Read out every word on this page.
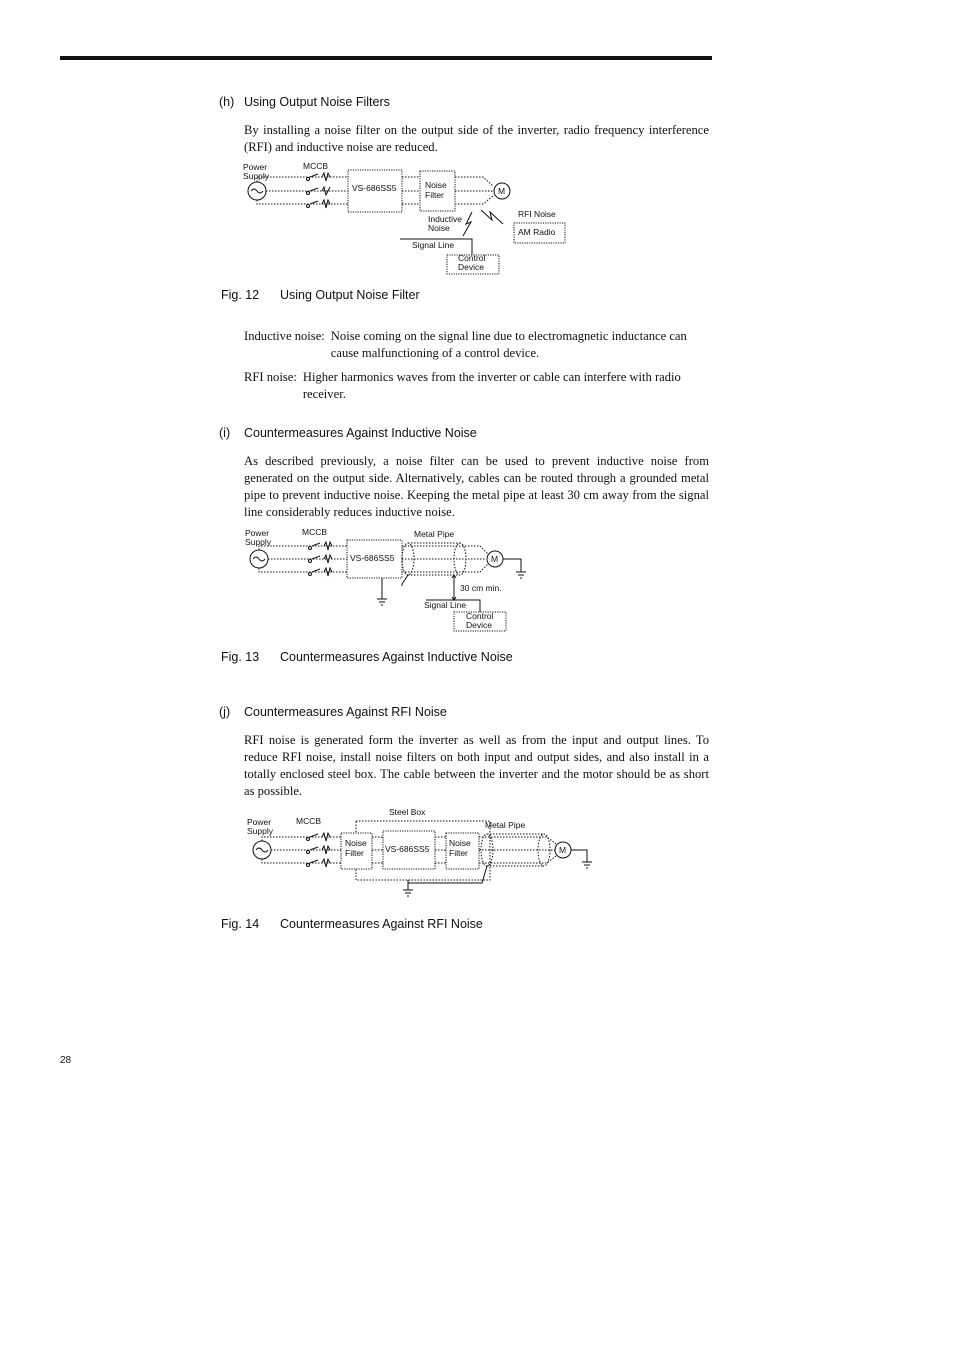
(h) Using Output Noise Filters
By installing a noise filter on the output side of the inverter, radio frequency interference (RFI) and inductive noise are reduced.
Power
Supply
MCCB
VS-686SS5	Noise
Filter	M
Inductive
Noise
RFI Noise
AM Radio
Signal Line
Control
Device
Fig. 12 Using Output Noise Filter
Inductive noise: Noise coming on the signal line due to electromagnetic inductance can cause malfunctioning of a control device.
RFI noise: Higher harmonics waves from the inverter or cable can interfere with radio receiver.
(i) Countermeasures Against Inductive Noise
As described previously, a noise filter can be used to prevent inductive noise from generated on the output side. Alternatively, cables can be routed through a grounded metal pipe to prevent inductive noise. Keeping the metal pipe at least 30 cm away from the signal line considerably reduces inductive noise.
Power
Supply
MCCB
VS-686SS5
Metal Pipe
M
30 cm min.
Signal Line
Control
Device
Fig. 13 Countermeasures Against Inductive Noise
(j) Countermeasures Against RFI Noise
RFI noise is generated form the inverter as well as from the input and output lines. To reduce RFI noise, install noise filters on both input and output sides, and also install in a totally enclosed steel box. The cable between the inverter and the motor should be as short as possible.
Steel Box
Power
Supply
MCCB
Noise
Filter VS-686SS5
Noise
Filter
Metal Pipe
M
Fig. 14 Countermeasures Against RFI Noise
28
